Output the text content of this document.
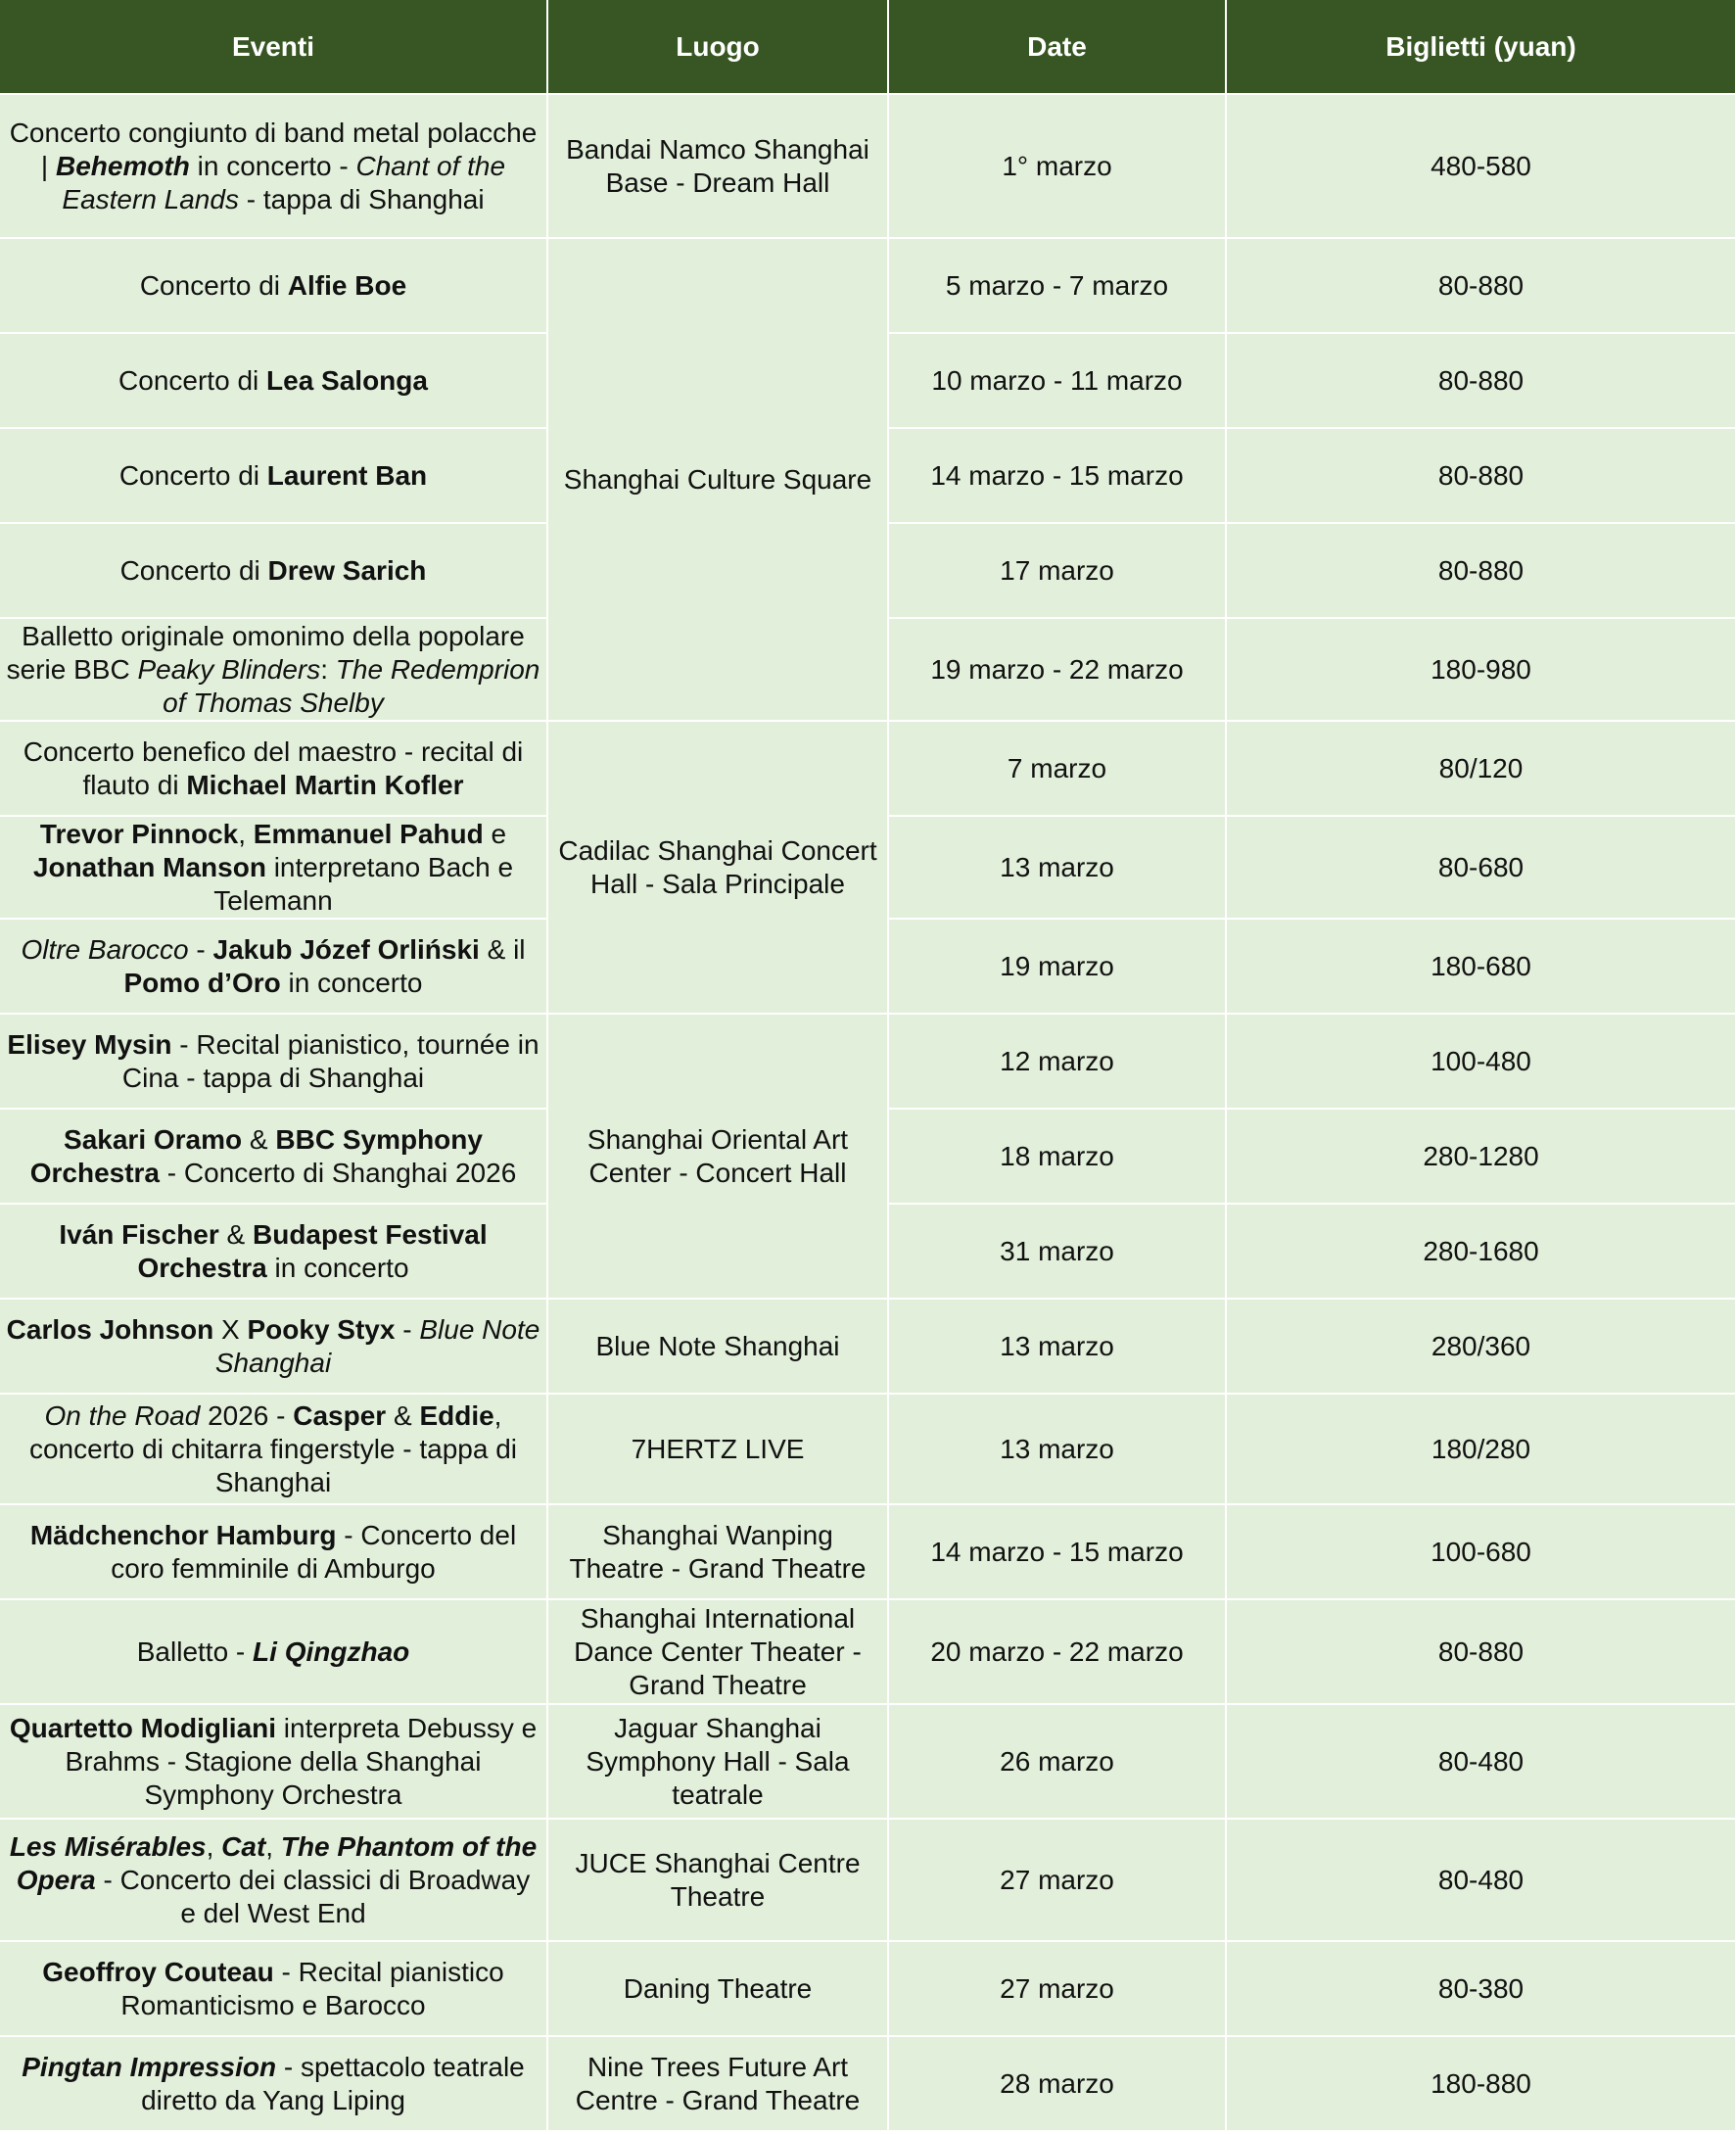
Eventi	Luogo	Date	Biglietti (yuan)
Concerto congiunto di band metal polacche | Behemoth in concerto - Chant of the Eastern Lands - tappa di Shanghai	Bandai Namco Shanghai Base - Dream Hall	1° marzo	480-580
Concerto di Alfie Boe	Shanghai Culture Square	5 marzo - 7 marzo	80-880
Concerto di Lea Salonga		10 marzo - 11 marzo	80-880
Concerto di Laurent Ban		14 marzo - 15 marzo	80-880
Concerto di Drew Sarich		17 marzo	80-880
Balletto originale omonimo della popolare serie BBC Peaky Blinders: The Redemprion of Thomas Shelby		19 marzo - 22 marzo	180-980
Concerto benefico del maestro - recital di flauto di Michael Martin Kofler	Cadilac Shanghai Concert Hall - Sala Principale	7 marzo	80/120
Trevor Pinnock, Emmanuel Pahud e Jonathan Manson interpretano Bach e Telemann		13 marzo	80-680
Oltre Barocco - Jakub Józef Orliński & il Pomo d’Oro in concerto		19 marzo	180-680
Elisey Mysin - Recital pianistico, tournée in Cina - tappa di Shanghai	Shanghai Oriental Art Center - Concert Hall	12 marzo	100-480
Sakari Oramo & BBC Symphony Orchestra - Concerto di Shanghai 2026		18 marzo	280-1280
Iván Fischer & Budapest Festival Orchestra in concerto		31 marzo	280-1680
Carlos Johnson X Pooky Styx - Blue Note Shanghai	Blue Note Shanghai	13 marzo	280/360
On the Road 2026 - Casper & Eddie, concerto di chitarra fingerstyle - tappa di Shanghai	7HERTZ LIVE	13 marzo	180/280
Mädchenchor Hamburg - Concerto del coro femminile di Amburgo	Shanghai Wanping Theatre - Grand Theatre	14 marzo - 15 marzo	100-680
Balletto - Li Qingzhao	Shanghai International Dance Center Theater - Grand Theatre	20 marzo - 22 marzo	80-880
Quartetto Modigliani interpreta Debussy e Brahms - Stagione della Shanghai Symphony Orchestra	Jaguar Shanghai Symphony Hall - Sala teatrale	26 marzo	80-480
Les Misérables, Cat, The Phantom of the Opera - Concerto dei classici di Broadway e del West End	JUCE Shanghai Centre Theatre	27 marzo	80-480
Geoffroy Couteau - Recital pianistico Romanticismo e Barocco	Daning Theatre	27 marzo	80-380
Pingtan Impression - spettacolo teatrale diretto da Yang Liping	Nine Trees Future Art Centre - Grand Theatre	28 marzo	180-880
